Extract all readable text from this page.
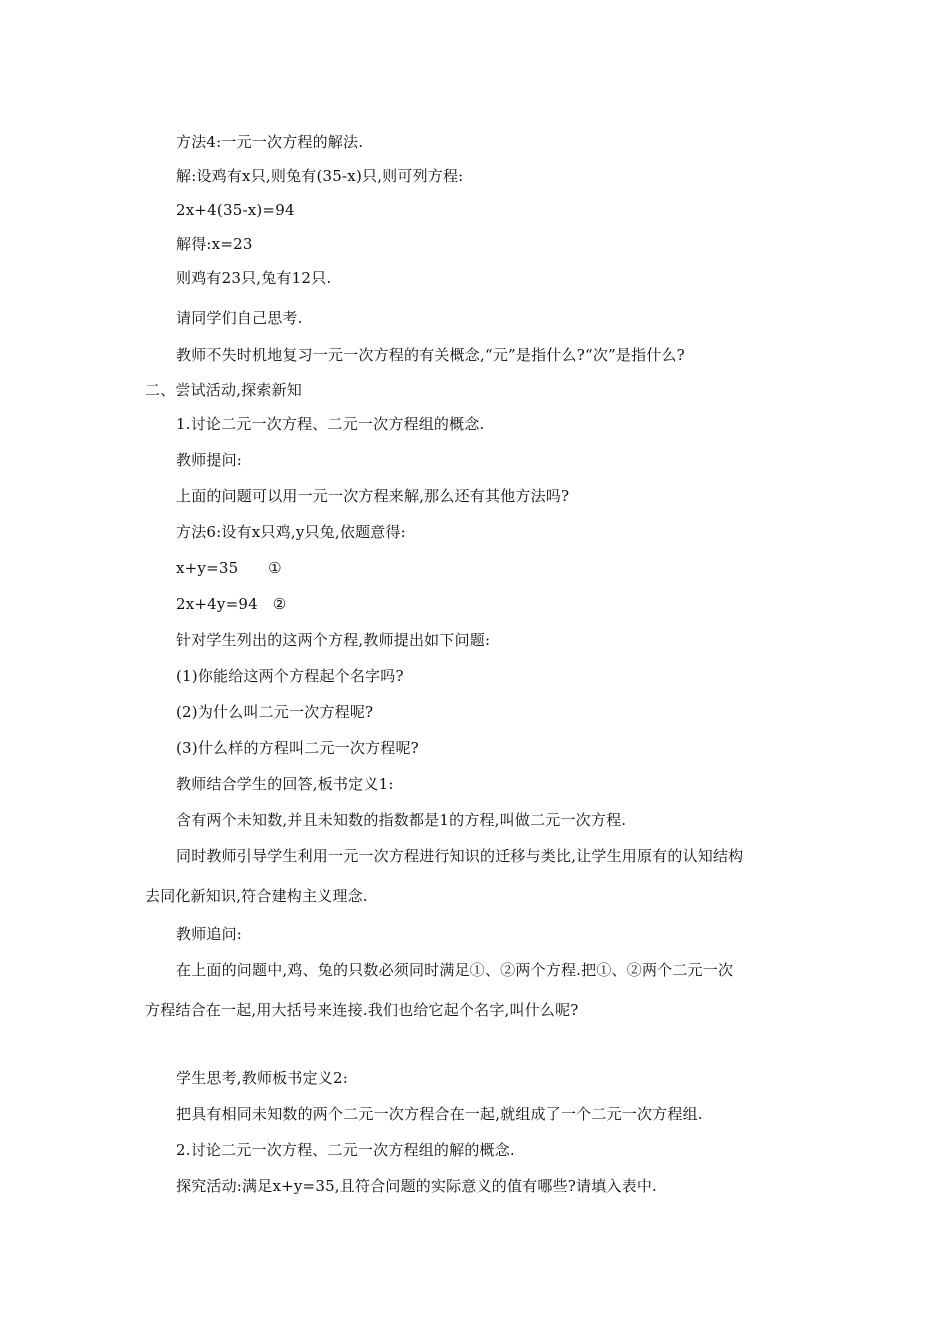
方法4:一元一次方程的解法.
解:设鸡有x只,则兔有(35-x)只,则可列方程:
2x+4(35-x)=94
解得:x=23
则鸡有23只,兔有12只.
请同学们自己思考.
教师不失时机地复习一元一次方程的有关概念,“元”是指什么?“次”是指什么?
二、尝试活动,探索新知
1.讨论二元一次方程、二元一次方程组的概念.
教师提问:
上面的问题可以用一元一次方程来解,那么还有其他方法吗?
方法6:设有x只鸡,y只兔,依题意得:
x+y=35      ①
2x+4y=94   ②
针对学生列出的这两个方程,教师提出如下问题:
(1)你能给这两个方程起个名字吗?
(2)为什么叫二元一次方程呢?
(3)什么样的方程叫二元一次方程呢?
教师结合学生的回答,板书定义1:
含有两个未知数,并且未知数的指数都是1的方程,叫做二元一次方程.
同时教师引导学生利用一元一次方程进行知识的迁移与类比,让学生用原有的认知结构
去同化新知识,符合建构主义理念.
教师追问:
在上面的问题中,鸡、兔的只数必须同时满足①、②两个方程.把①、②两个二元一次
方程结合在一起,用大括号来连接.我们也给它起个名字,叫什么呢?
学生思考,教师板书定义2:
把具有相同未知数的两个二元一次方程合在一起,就组成了一个二元一次方程组.
2.讨论二元一次方程、二元一次方程组的解的概念.
探究活动:满足x+y=35,且符合问题的实际意义的值有哪些?请填入表中.
